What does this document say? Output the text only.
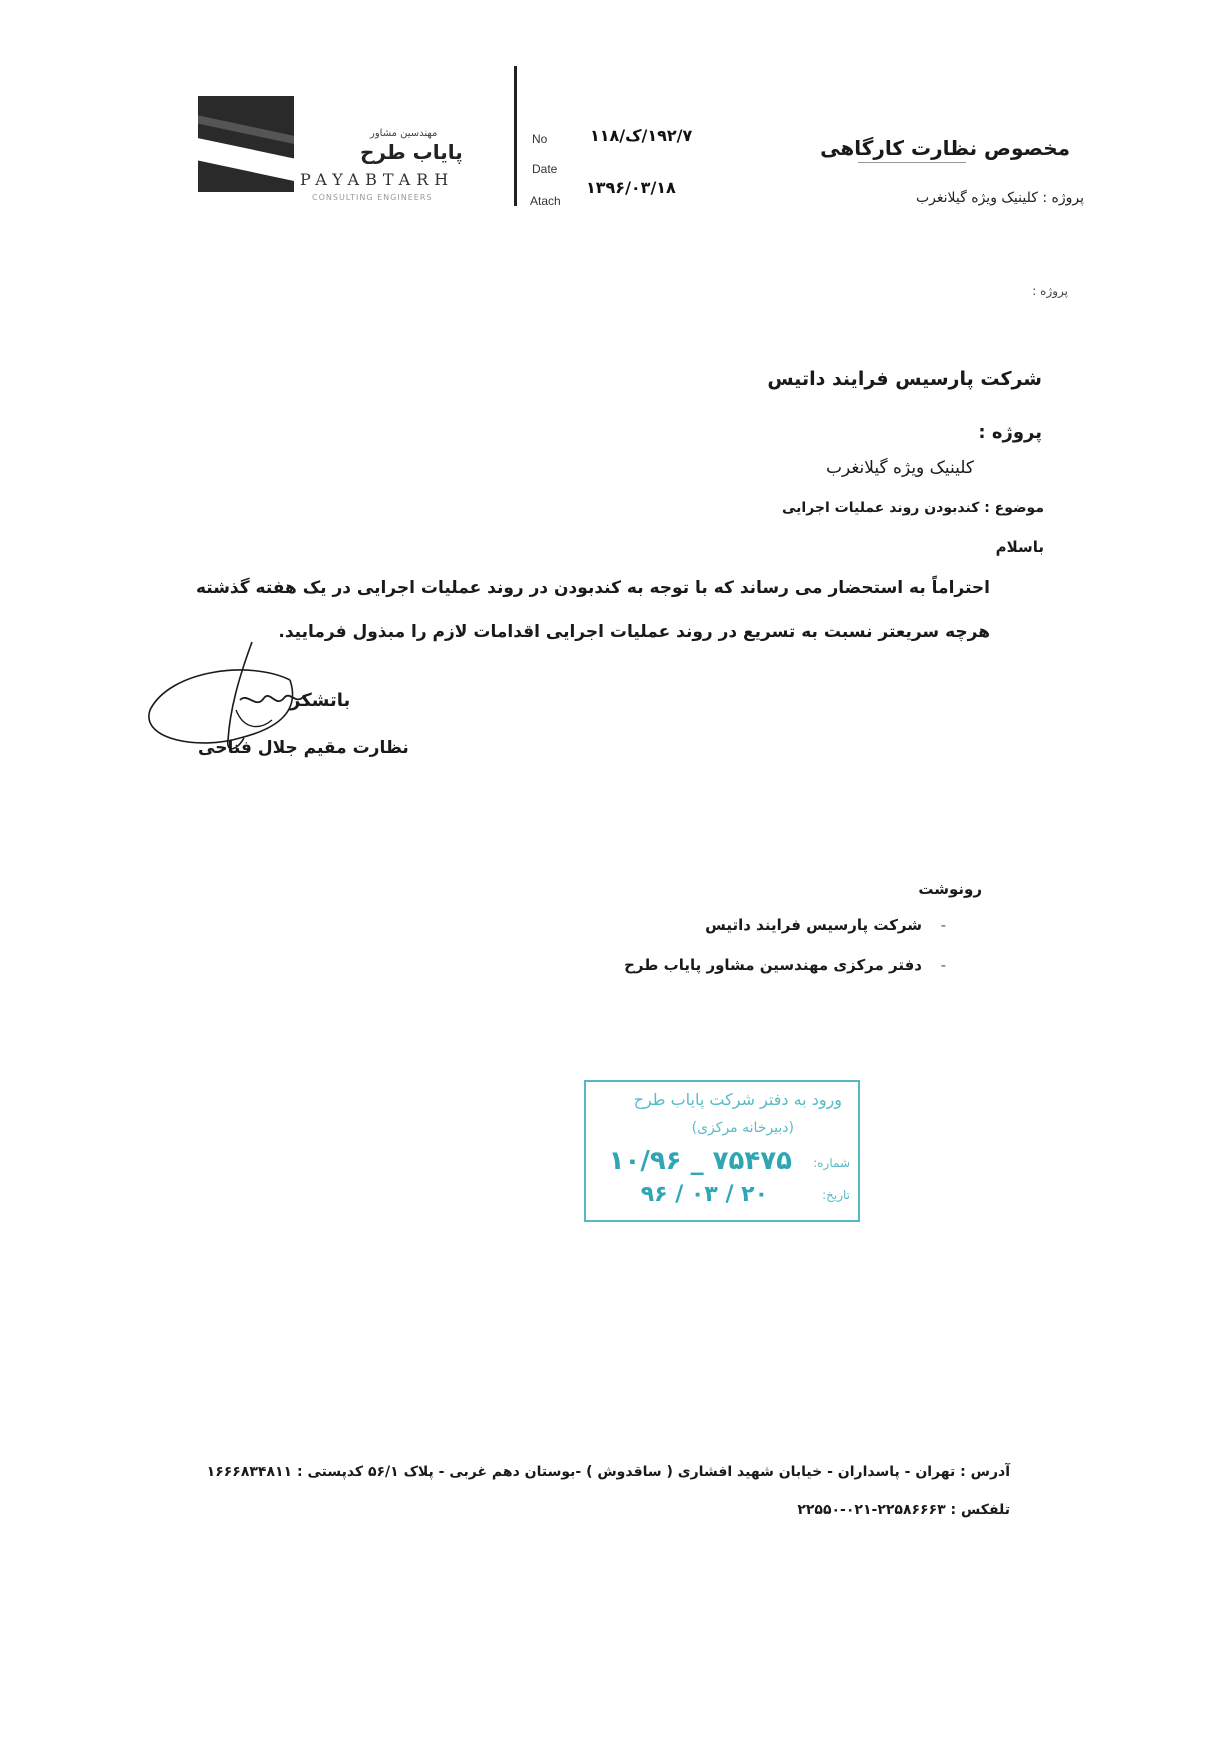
مهندسین مشاور
پایاب طرح
PAYABTARH
CONSULTING ENGINEERS
No	۱۹۲/۷/ک/۱۱۸
Date
۱۳۹۶/۰۳/۱۸
Atach
مخصوص نظارت کارگاهی
پروژه : کلینیک ویژه گیلانغرب
پروژه :
شرکت پارسیس فرایند داتیس
پروژه :
کلینیک ویژه گیلانغرب
موضوع : کندبودن روند عملیات اجرایی
باسلام
احتراماً به استحضار می رساند که با توجه به کندبودن در روند عملیات اجرایی در یک هفته گذشته
هرچه سریعتر نسبت به تسریع در روند عملیات اجرایی اقدامات لازم را مبذول فرمایید.
باتشکر
نظارت مقیم جلال فتاحی
رونوشت
-
شرکت پارسیس فرایند داتیس
-
دفتر مرکزی مهندسین مشاور پایاب طرح
ورود به دفتر شرکت پایاب طرح
(دبیرخانه مرکزی)
شماره:
۱۰/۹۶ _ ۷۵۴۷۵
تاریخ:
۹۶ / ۰۳ / ۲۰
آدرس : تهران - پاسداران - خیابان شهید افشاری ( ساقدوش ) -بوستان دهم غربی - پلاک ۵۶/۱ کدپستی : ۱۶۶۶۸۳۴۸۱۱
تلفکس : ۲۲۵۸۶۶۶۳-۰۲۱-۲۲۵۵۰
